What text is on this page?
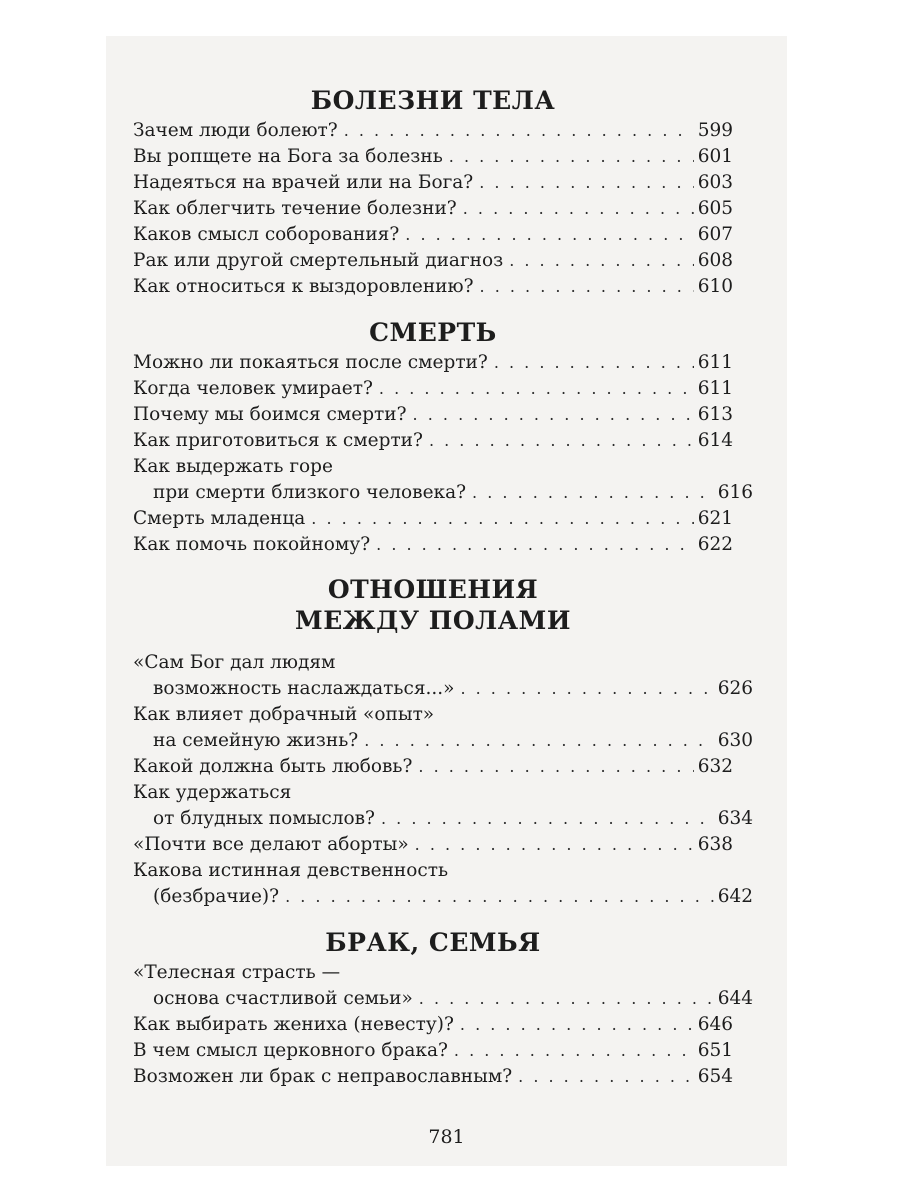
БОЛЕЗНИ ТЕЛА
Зачем люди болеют? . . .	599
Вы ропщете на Бога за болезнь . . .	601
Надеяться на врачей или на Бога? . . .	603
Как облегчить течение болезни? . . .	605
Каков смысл соборования? . . .	607
Рак или другой смертельный диагноз . . .	608
Как относиться к выздоровлению? . . .	610
СМЕРТЬ
Можно ли покаяться после смерти? . . .	611
Когда человек умирает? . . .	611
Почему мы боимся смерти? . . .	613
Как приготовиться к смерти? . . .	614
Как выдержать горе
при смерти близкого человека? . . .	616
Смерть младенца . . .	621
Как помочь покойному? . . .	622
ОТНОШЕНИЯ
МЕЖДУ ПОЛАМИ
«Сам Бог дал людям
возможность наслаждаться...» . . .	626
Как влияет добрачный «опыт»
на семейную жизнь? . . .	630
Какой должна быть любовь? . . .	632
Как удержаться
от блудных помыслов? . . .	634
«Почти все делают аборты» . . .	638
Какова истинная девственность
(безбрачие)? . . .	642
БРАК, СЕМЬЯ
«Телесная страсть —
основа счастливой семьи» . . .	644
Как выбирать жениха (невесту)? . . .	646
В чем смысл церковного брака? . . .	651
Возможен ли брак с неправославным? . . .	654
781
